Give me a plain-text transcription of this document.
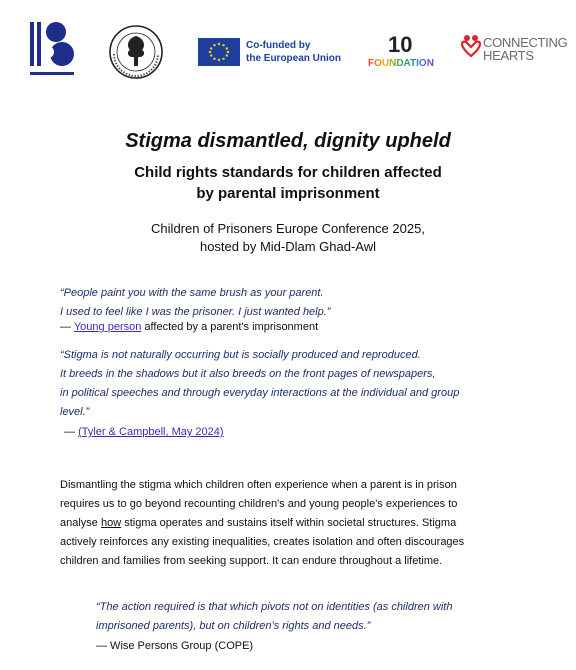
Co-funded by
the European Union
10
FOUNDATION
CONNECTING
HEARTS
Stigma dismantled, dignity upheld
Child rights standards for children affected
by parental imprisonment
Children of Prisoners Europe Conference 2025,
hosted by Mid-Dlam Ghad-Awl
“People paint you with the same brush as your parent.
I used to feel like I was the prisoner. I just wanted help.”
— Young person affected by a parent's imprisonment
“Stigma is not naturally occurring but is socially produced and reproduced.
It breeds in the shadows but it also breeds on the front pages of newspapers,
in political speeches and through everyday interactions at the individual and group
level.”
— (Tyler & Campbell, May 2024)
Dismantling the stigma which children often experience when a parent is in prison
requires us to go beyond recounting children's and young people's experiences to
analyse how stigma operates and sustains itself within societal structures. Stigma
actively reinforces any existing inequalities, creates isolation and often discourages
children and families from seeking support. It can endure throughout a lifetime.
“The action required is that which pivots not on identities (as children with
imprisoned parents), but on children’s rights and needs.”
— Wise Persons Group (COPE)
